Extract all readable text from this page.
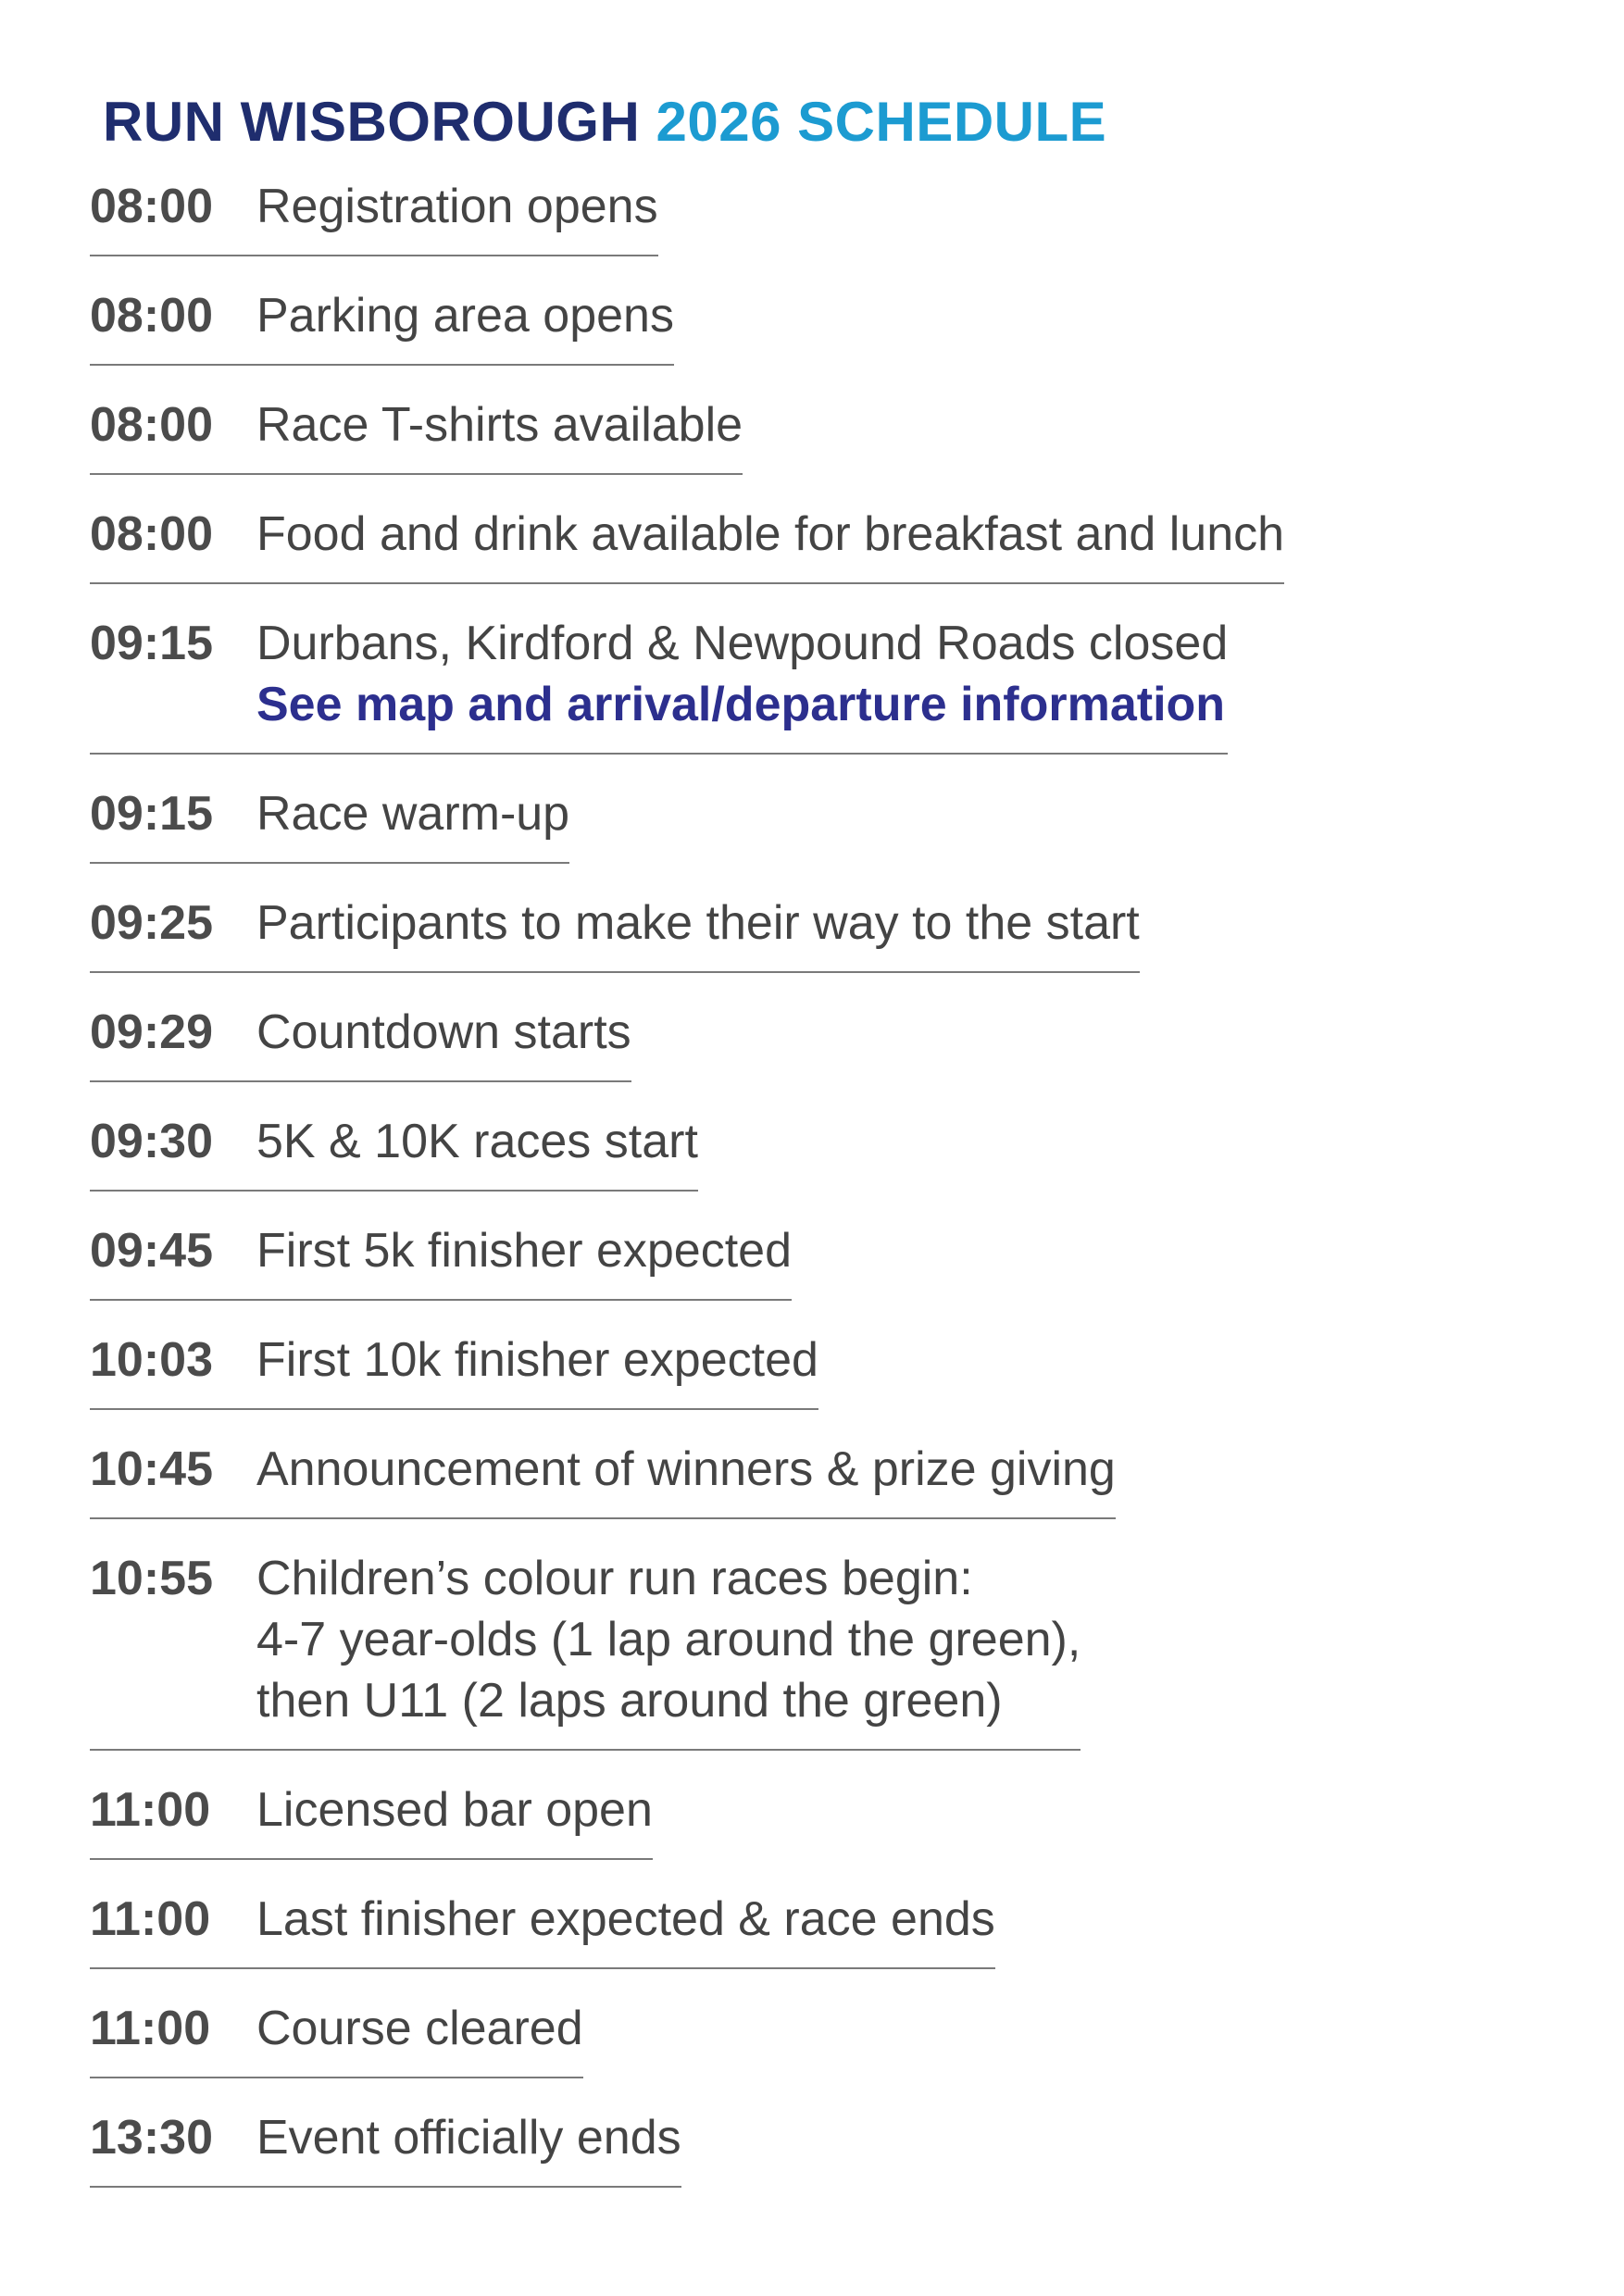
RUN WISBOROUGH 2026 SCHEDULE
08:00 Registration opens
08:00 Parking area opens
08:00 Race T-shirts available
08:00 Food and drink available for breakfast and lunch
09:15 Durbans, Kirdford & Newpound Roads closed
See map and arrival/departure information
09:15 Race warm-up
09:25 Participants to make their way to the start
09:29 Countdown starts
09:30 5K & 10K races start
09:45 First 5k finisher expected
10:03 First 10k finisher expected
10:45 Announcement of winners & prize giving
10:55 Children’s colour run races begin:
4-7 year-olds (1 lap around the green),
then U11 (2 laps around the green)
11:00 Licensed bar open
11:00 Last finisher expected & race ends
11:00 Course cleared
13:30 Event officially ends
